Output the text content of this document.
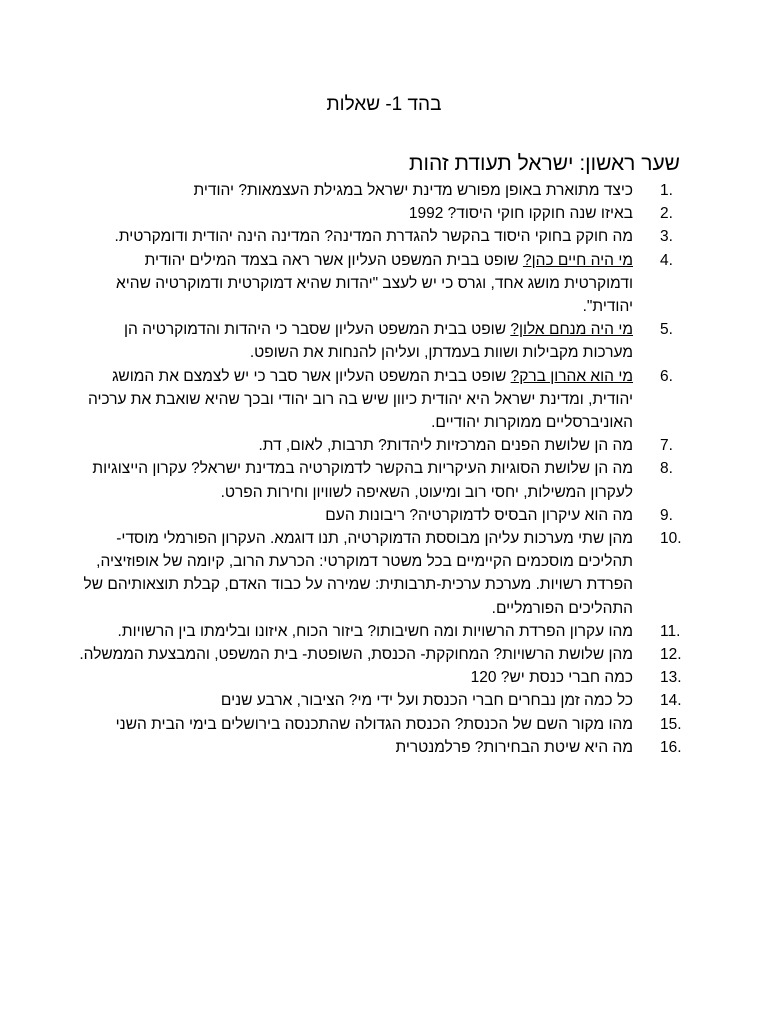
בהד 1- שאלות
שער ראשון: ישראל תעודת זהות
1.
כיצד מתוארת באופן מפורש מדינת ישראל במגילת העצמאות? יהודית
2.
באיזו שנה חוקקו חוקי היסוד? 1992
3.
מה חוקק בחוקי היסוד בהקשר להגדרת המדינה? המדינה הינה יהודית ודומקרטית.
4.
מי היה חיים כהן? שופט בבית המשפט העליון אשר ראה בצמד המילים יהודית ודמוקרטית מושג אחד, וגרס כי יש לעצב "יהדות שהיא דמוקרטית ודמוקרטיה שהיא יהודית".
5.
מי היה מנחם אלון? שופט בבית המשפט העליון שסבר כי היהדות והדמוקרטיה הן מערכות מקבילות ושוות בעמדתן, ועליהן להנחות את השופט.
6.
מי הוא אהרון ברק? שופט בבית המשפט העליון אשר סבר כי יש לצמצם את המושג יהודית, ומדינת ישראל היא יהודית כיוון שיש בה רוב יהודי ובכך שהיא שואבת את ערכיה האוניברסליים ממוקרות יהודיים.
7.
מה הן שלושת הפנים המרכזיות ליהדות? תרבות, לאום, דת.
8.
מה הן שלושת הסוגיות העיקריות בהקשר לדמוקרטיה במדינת ישראל? עקרון הייצוגיות לעקרון המשילות, יחסי רוב ומיעוט, השאיפה לשוויון וחירות הפרט.
9.
מה הוא עיקרון הבסיס לדמוקרטיה? ריבונות העם
10.
מהן שתי מערכות עליהן מבוססת הדמוקרטיה, תנו דוגמא. העקרון הפורמלי מוסדי- תהליכים מוסכמים הקיימיים בכל משטר דמוקרטי: הכרעת הרוב, קיומה של אופוזיציה, הפרדת רשויות. מערכת ערכית-תרבותית: שמירה על כבוד האדם, קבלת תוצאותיהם של התהליכים הפורמליים.
11.
מהו עקרון הפרדת הרשויות ומה חשיבותו? ביזור הכוח, איזונו ובלימתו בין הרשויות.
12.
מהן שלושת הרשויות? המחוקקת- הכנסת, השופטת- בית המשפט, והמבצעת הממשלה.
13.
כמה חברי כנסת יש? 120
14.
כל כמה זמן נבחרים חברי הכנסת ועל ידי מי? הציבור, ארבע שנים
15.
מהו מקור השם של הכנסת? הכנסת הגדולה שהתכנסה בירושלים בימי הבית השני
16.
מה היא שיטת הבחירות? פרלמנטרית
